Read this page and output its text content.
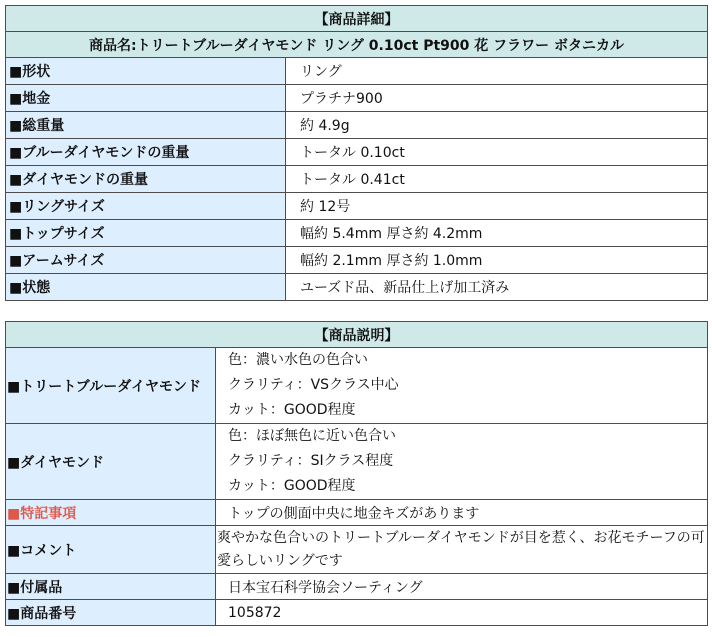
【商品詳細】	
商品名:トリートブルーダイヤモンド リング 0.10ct Pt900 花 フラワー ボタニカル	
■形状	リング
■地金	プラチナ900
■総重量	約 4.9g
■ブルーダイヤモンドの重量	トータル 0.10ct
■ダイヤモンドの重量	トータル 0.41ct
■リングサイズ	約 12号
■トップサイズ	幅約 5.4mm 厚さ約 4.2mm
■アームサイズ	幅約 2.1mm 厚さ約 1.0mm
■状態	ユーズド品、新品仕上げ加工済み
【商品説明】	
■トリートブルーダイヤモンド	色：濃い水色の色合い
クラリティ：VSクラス中心
カット：GOOD程度

■ダイヤモンド	色：ほぼ無色に近い色合い
クラリティ：SIクラス程度
カット：GOOD程度

■特記事項	トップの側面中央に地金キズがあります
■コメント	爽やかな色合いのトリートブルーダイヤモンドが目を惹く、お花モチーフの可愛らしいリングです
■付属品	日本宝石科学協会ソーティング
■商品番号	105872
